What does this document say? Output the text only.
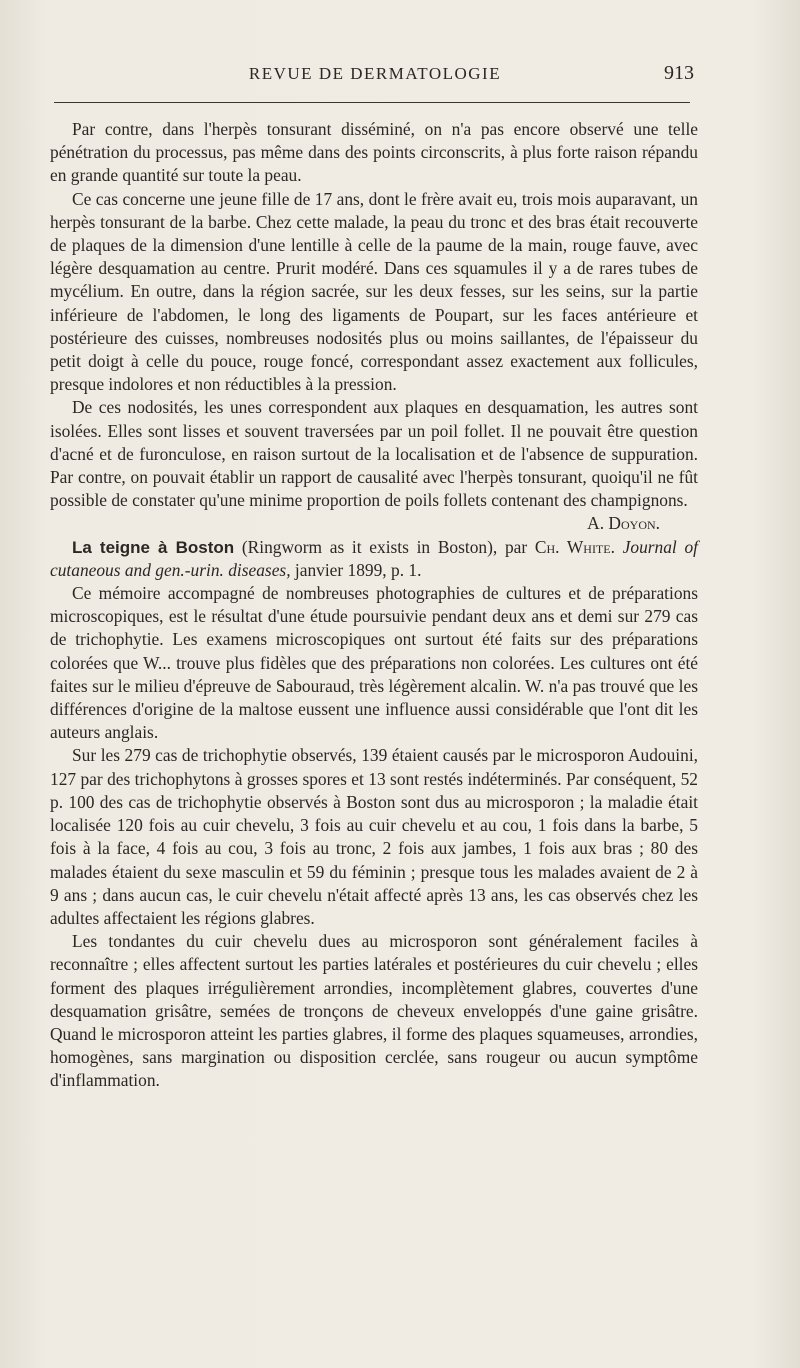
REVUE DE DERMATOLOGIE	913

Par contre, dans l'herpès tonsurant disséminé, on n'a pas encore observé une telle pénétration du processus, pas même dans des points circonscrits, à plus forte raison répandu en grande quantité sur toute la peau.

Ce cas concerne une jeune fille de 17 ans, dont le frère avait eu, trois mois auparavant, un herpès tonsurant de la barbe. Chez cette malade, la peau du tronc et des bras était recouverte de plaques de la dimension d'une lentille à celle de la paume de la main, rouge fauve, avec légère desquamation au centre. Prurit modéré. Dans ces squamules il y a de rares tubes de mycélium. En outre, dans la région sacrée, sur les deux fesses, sur les seins, sur la partie inférieure de l'abdomen, le long des ligaments de Poupart, sur les faces antérieure et postérieure des cuisses, nombreuses nodosités plus ou moins saillantes, de l'épaisseur du petit doigt à celle du pouce, rouge foncé, correspondant assez exactement aux follicules, presque indolores et non réductibles à la pression.

De ces nodosités, les unes correspondent aux plaques en desquamation, les autres sont isolées. Elles sont lisses et souvent traversées par un poil follet. Il ne pouvait être question d'acné et de furonculose, en raison surtout de la localisation et de l'absence de suppuration. Par contre, on pouvait établir un rapport de causalité avec l'herpès tonsurant, quoiqu'il ne fût possible de constater qu'une minime proportion de poils follets contenant des champignons.
A. Doyon.

La teigne à Boston (Ringworm as it exists in Boston), par Ch. White. Journal of cutaneous and gen.-urin. diseases, janvier 1899, p. 1.

Ce mémoire accompagné de nombreuses photographies de cultures et de préparations microscopiques, est le résultat d'une étude poursuivie pendant deux ans et demi sur 279 cas de trichophytie. Les examens microscopiques ont surtout été faits sur des préparations colorées que W... trouve plus fidèles que des préparations non colorées. Les cultures ont été faites sur le milieu d'épreuve de Sabouraud, très légèrement alcalin. W. n'a pas trouvé que les différences d'origine de la maltose eussent une influence aussi considérable que l'ont dit les auteurs anglais.

Sur les 279 cas de trichophytie observés, 139 étaient causés par le microsporon Audouini, 127 par des trichophytons à grosses spores et 13 sont restés indéterminés. Par conséquent, 52 p. 100 des cas de trichophytie observés à Boston sont dus au microsporon ; la maladie était localisée 120 fois au cuir chevelu, 3 fois au cuir chevelu et au cou, 1 fois dans la barbe, 5 fois à la face, 4 fois au cou, 3 fois au tronc, 2 fois aux jambes, 1 fois aux bras ; 80 des malades étaient du sexe masculin et 59 du féminin ; presque tous les malades avaient de 2 à 9 ans ; dans aucun cas, le cuir chevelu n'était affecté après 13 ans, les cas observés chez les adultes affectaient les régions glabres.

Les tondantes du cuir chevelu dues au microsporon sont généralement faciles à reconnaître ; elles affectent surtout les parties latérales et postérieures du cuir chevelu ; elles forment des plaques irrégulièrement arrondies, incomplètement glabres, couvertes d'une desquamation grisâtre, semées de tronçons de cheveux enveloppés d'une gaine grisâtre. Quand le microsporon atteint les parties glabres, il forme des plaques squameuses, arrondies, homogènes, sans margination ou disposition cerclée, sans rougeur ou aucun symptôme d'inflammation.
